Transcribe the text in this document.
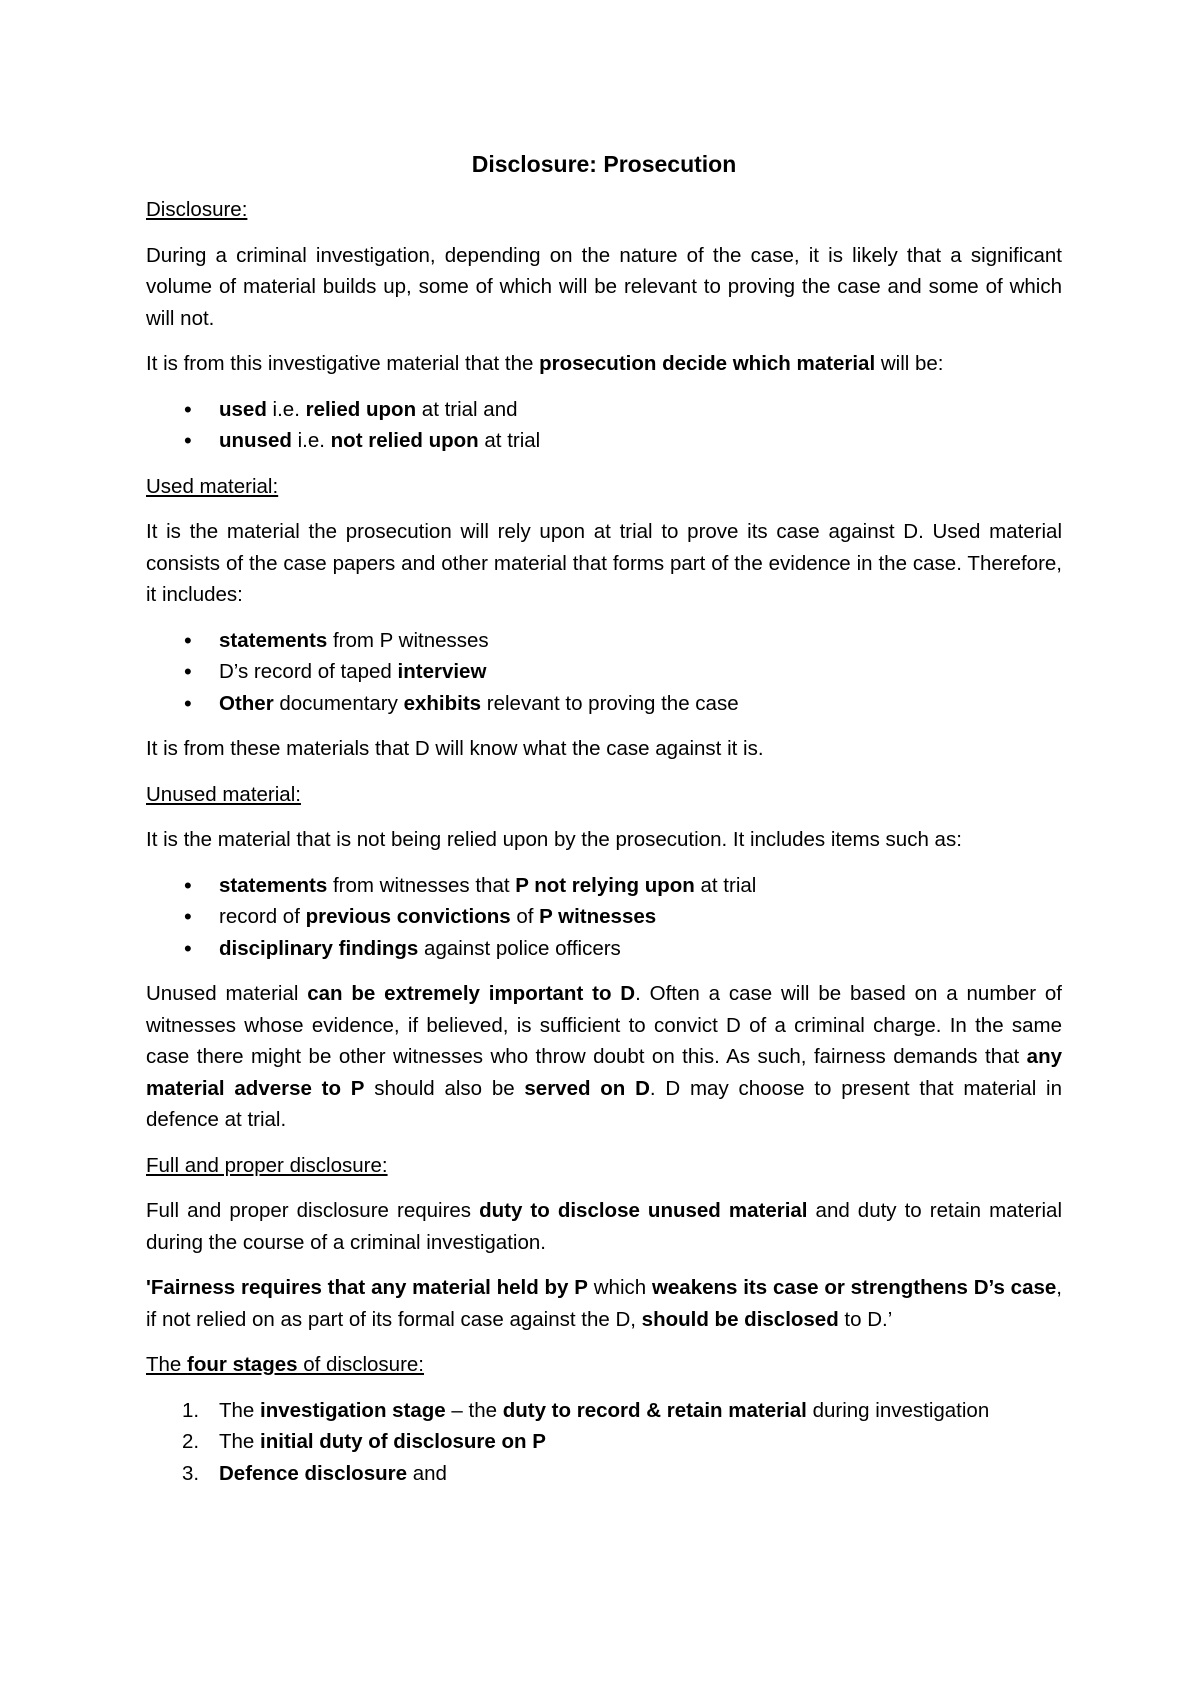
Disclosure: Prosecution
Disclosure:

During a criminal investigation, depending on the nature of the case, it is likely that a significant volume of material builds up, some of which will be relevant to proving the case and some of which will not.

It is from this investigative material that the prosecution decide which material will be:

• used i.e. relied upon at trial and
• unused i.e. not relied upon at trial
Used material:

It is the material the prosecution will rely upon at trial to prove its case against D. Used material consists of the case papers and other material that forms part of the evidence in the case. Therefore, it includes:

• statements from P witnesses
• D’s record of taped interview
• Other documentary exhibits relevant to proving the case

It is from these materials that D will know what the case against it is.

Unused material:

It is the material that is not being relied upon by the prosecution. It includes items such as:

• statements from witnesses that P not relying upon at trial
• record of previous convictions of P witnesses
• disciplinary findings against police officers

Unused material can be extremely important to D. Often a case will be based on a number of witnesses whose evidence, if believed, is sufficient to convict D of a criminal charge. In the same case there might be other witnesses who throw doubt on this. As such, fairness demands that any material adverse to P should also be served on D. D may choose to present that material in defence at trial.

Full and proper disclosure:

Full and proper disclosure requires duty to disclose unused material and duty to retain material during the course of a criminal investigation.

'Fairness requires that any material held by P which weakens its case or strengthens D’s case, if not relied on as part of its formal case against the D, should be disclosed to D.’

The four stages of disclosure:
1. The investigation stage – the duty to record & retain material during investigation
2. The initial duty of disclosure on P
3. Defence disclosure and
